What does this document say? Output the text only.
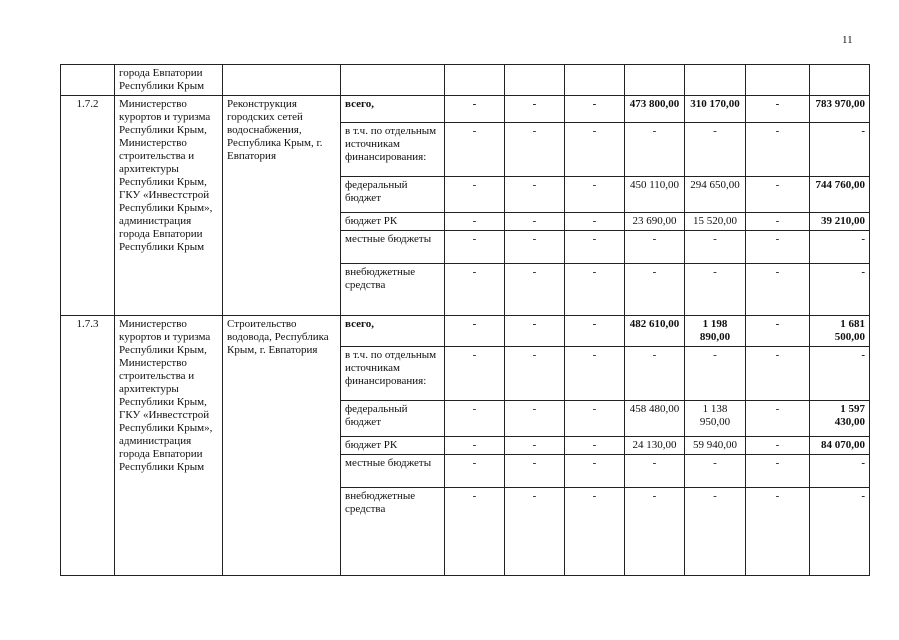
11
	города Евпатории Республики Крым									
1.7.2	Министерство курортов и туризма Республики Крым, Министерство строительства и архитектуры Республики Крым, ГКУ «Инвестстрой Республики Крым», администрация города Евпатории Республики Крым	Реконструкция городских сетей водоснабжения, Республика Крым, г. Евпатория	всего,	-	-	-	473 800,00	310 170,00	-	783 970,00
			в т.ч. по отдельным источникам финансирования:	-	-	-	-	-	-	-
			федеральный бюджет	-	-	-	450 110,00	294 650,00	-	744 760,00
			бюджет РК	-	-	-	23 690,00	15 520,00	-	39 210,00
			местные бюджеты	-	-	-	-	-	-	-
			внебюджетные средства	-	-	-	-	-	-	-
1.7.3	Министерство курортов и туризма Республики Крым, Министерство строительства и архитектуры Республики Крым, ГКУ «Инвестстрой Республики Крым», администрация города Евпатории Республики Крым	Строительство водовода, Республика Крым, г. Евпатория	всего,	-	-	-	482 610,00	1 198 890,00	-	1 681 500,00
			в т.ч. по отдельным источникам финансирования:	-	-	-	-	-	-	-
			федеральный бюджет	-	-	-	458 480,00	1 138 950,00	-	1 597 430,00
			бюджет РК	-	-	-	24 130,00	59 940,00	-	84 070,00
			местные бюджеты	-	-	-	-	-	-	-
			внебюджетные средства	-	-	-	-	-	-	-
